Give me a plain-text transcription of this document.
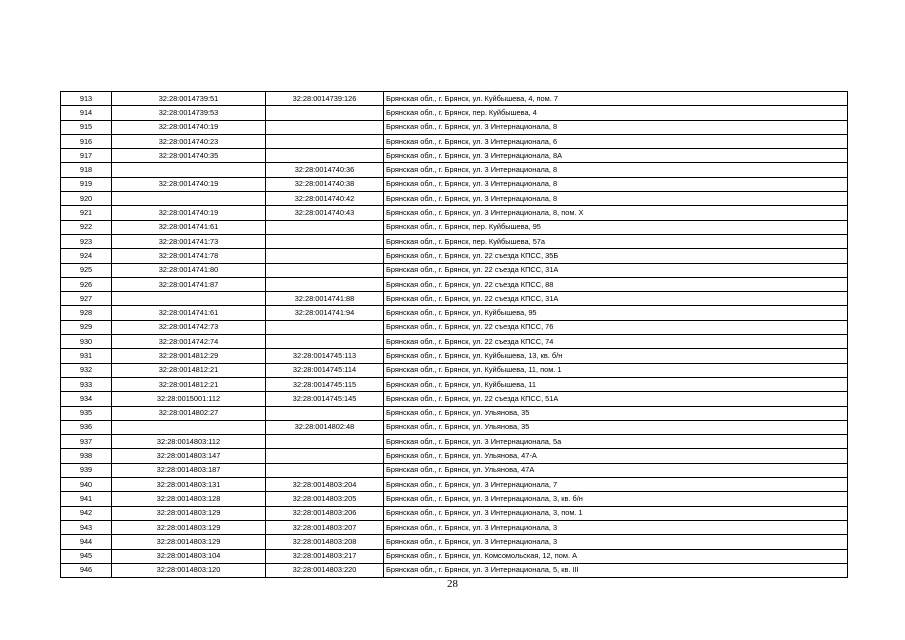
913	32:28:0014739:51	32:28:0014739:126	Брянская обл., г. Брянск, ул. Куйбышева, 4, пом. 7
914	32:28:0014739:53		Брянская обл., г. Брянск, пер. Куйбышева, 4
915	32:28:0014740:19		Брянская обл., г. Брянск, ул. 3 Интернационала, 8
916	32:28:0014740:23		Брянская обл., г. Брянск, ул. 3 Интернационала, 6
917	32:28:0014740:35		Брянская обл., г. Брянск, ул. 3 Интернационала, 8А
918		32:28:0014740:36	Брянская обл., г. Брянск, ул. 3 Интернационала, 8
919	32:28:0014740:19	32:28:0014740:38	Брянская обл., г. Брянск, ул. 3 Интернационала, 8
920		32:28:0014740:42	Брянская обл., г. Брянск, ул. 3 Интернационала, 8
921	32:28:0014740:19	32:28:0014740:43	Брянская обл., г. Брянск, ул. 3 Интернационала, 8, пом. X
922	32:28:0014741:61		Брянская обл., г. Брянск, пер. Куйбышева, 95
923	32:28:0014741:73		Брянская обл., г. Брянск, пер. Куйбышева, 57а
924	32:28:0014741:78		Брянская обл., г. Брянск, ул. 22 съезда КПСС, 35Б
925	32:28:0014741:80		Брянская обл., г. Брянск, ул. 22 съезда КПСС, 31А
926	32:28:0014741:87		Брянская обл., г. Брянск, ул. 22 съезда КПСС, 88
927		32:28:0014741:88	Брянская обл., г. Брянск, ул. 22 съезда КПСС, 31А
928	32:28:0014741:61	32:28:0014741:94	Брянская обл., г. Брянск, ул. Куйбышева, 95
929	32:28:0014742:73		Брянская обл., г. Брянск, ул. 22 съезда КПСС, 76
930	32:28:0014742:74		Брянская обл., г. Брянск, ул. 22 съезда КПСС, 74
931	32:28:0014812:29	32:28:0014745:113	Брянская обл., г. Брянск, ул. Куйбышева, 13, кв. б/н
932	32:28:0014812:21	32:28:0014745:114	Брянская обл., г. Брянск, ул. Куйбышева, 11, пом. 1
933	32:28:0014812:21	32:28:0014745:115	Брянская обл., г. Брянск, ул. Куйбышева, 11
934	32:28:0015001:112	32:28:0014745:145	Брянская обл., г. Брянск, ул. 22 съезда КПСС, 51А
935	32:28:0014802:27		Брянская обл., г. Брянск, ул. Ульянова, 35
936		32:28:0014802:48	Брянская обл., г. Брянск, ул. Ульянова, 35
937	32:28:0014803:112		Брянская обл., г. Брянск, ул. 3 Интернационала, 5а
938	32:28:0014803:147		Брянская обл., г. Брянск, ул. Ульянова, 47-А
939	32:28:0014803:187		Брянская обл., г. Брянск, ул. Ульянова, 47А
940	32:28:0014803:131	32:28:0014803:204	Брянская обл., г. Брянск, ул. 3 Интернационала, 7
941	32:28:0014803:128	32:28:0014803:205	Брянская обл., г. Брянск, ул. 3 Интернационала, 3, кв. б/н
942	32:28:0014803:129	32:28:0014803:206	Брянская обл., г. Брянск, ул. 3 Интернационала, 3, пом. 1
943	32:28:0014803:129	32:28:0014803:207	Брянская обл., г. Брянск, ул. 3 Интернационала, 3
944	32:28:0014803:129	32:28:0014803:208	Брянская обл., г. Брянск, ул. 3 Интернационала, 3
945	32:28:0014803:104	32:28:0014803:217	Брянская обл., г. Брянск, ул. Комсомольская, 12, пом. А
946	32:28:0014803:120	32:28:0014803:220	Брянская обл., г. Брянск, ул. 3 Интернационала, 5, кв. III
28
